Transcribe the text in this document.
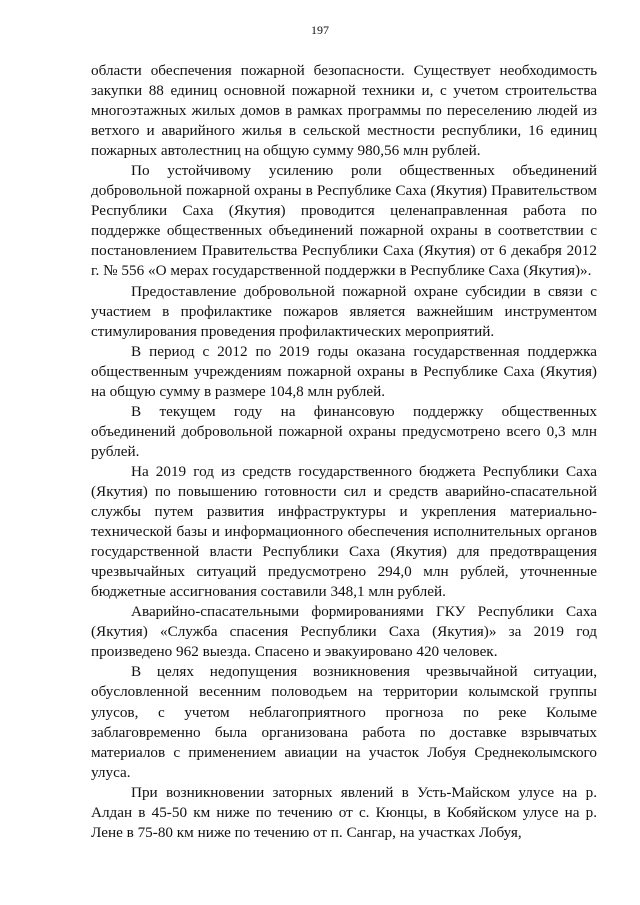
197

области обеспечения пожарной безопасности. Существует необходимость закупки 88 единиц основной пожарной техники и, с учетом строительства многоэтажных жилых домов в рамках программы по переселению людей из ветхого и аварийного жилья в сельской местности республики, 16 единиц пожарных автолестниц на общую сумму 980,56 млн рублей.

По устойчивому усилению роли общественных объединений добровольной пожарной охраны в Республике Саха (Якутия) Правительством Республики Саха (Якутия) проводится целенаправленная работа по поддержке общественных объединений пожарной охраны в соответствии с постановлением Правительства Республики Саха (Якутия) от 6 декабря 2012 г. № 556 «О мерах государственной поддержки в Республике Саха (Якутия)».

Предоставление добровольной пожарной охране субсидии в связи с участием в профилактике пожаров является важнейшим инструментом стимулирования проведения профилактических мероприятий.

В период с 2012 по 2019 годы оказана государственная поддержка общественным учреждениям пожарной охраны в Республике Саха (Якутия) на общую сумму в размере 104,8 млн рублей.

В текущем году на финансовую поддержку общественных объединений добровольной пожарной охраны предусмотрено всего 0,3 млн рублей.

На 2019 год из средств государственного бюджета Республики Саха (Якутия) по повышению готовности сил и средств аварийно-спасательной службы путем развития инфраструктуры и укрепления материально-технической базы и информационного обеспечения исполнительных органов государственной власти Республики Саха (Якутия) для предотвращения чрезвычайных ситуаций предусмотрено 294,0 млн рублей, уточненные бюджетные ассигнования составили 348,1 млн рублей.

Аварийно-спасательными формированиями ГКУ Республики Саха (Якутия) «Служба спасения Республики Саха (Якутия)» за 2019 год произведено 962 выезда. Спасено и эвакуировано 420 человек.

В целях недопущения возникновения чрезвычайной ситуации, обусловленной весенним половодьем на территории колымской группы улусов, с учетом неблагоприятного прогноза по реке Колыме заблаговременно была организована работа по доставке взрывчатых материалов с применением авиации на участок Лобуя Среднеколымского улуса.

При возникновении заторных явлений в Усть-Майском улусе на р. Алдан в 45-50 км ниже по течению от с. Кюнцы, в Кобяйском улусе на р. Лене в 75-80 км ниже по течению от п. Сангар, на участках Лобуя,
